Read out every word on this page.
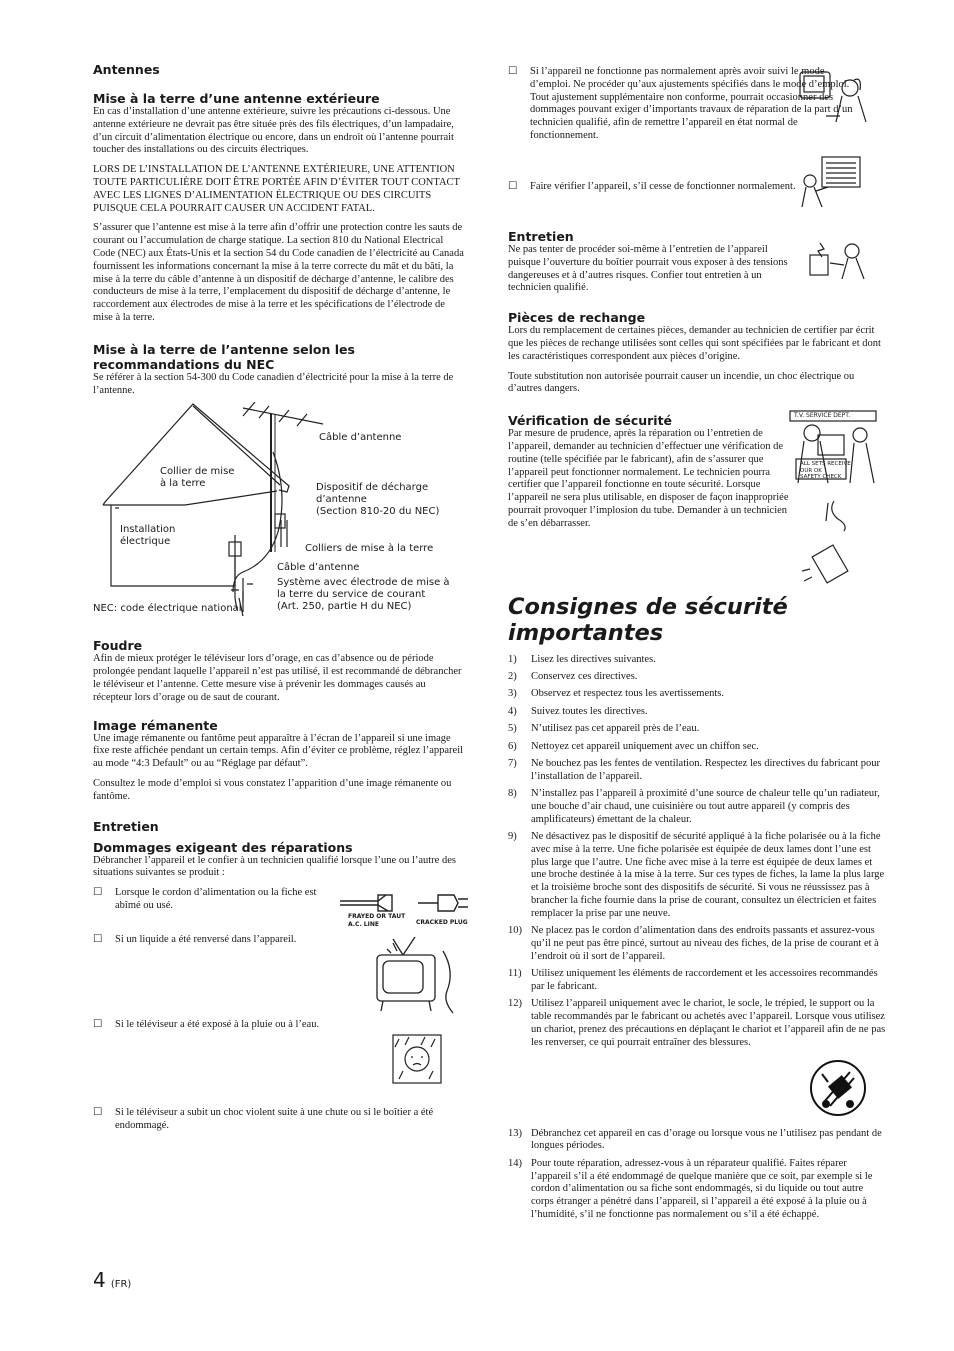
Antennes
Mise à la terre d’une antenne extérieure

En cas d’installation d’une antenne extérieure, suivre les précautions ci-dessous. Une antenne extérieure ne devrait pas être située près des fils électriques, d’un lampadaire, d’un circuit d’alimentation électrique ou encore, dans un endroit où l’antenne pourrait toucher des installations ou des circuits électriques.

LORS DE L’INSTALLATION DE L’ANTENNE EXTÉRIEURE, UNE ATTENTION TOUTE PARTICULIÈRE DOIT ÊTRE PORTÉE AFIN D’ÉVITER TOUT CONTACT AVEC LES LIGNES D’ALIMENTATION ÉLECTRIQUE OU DES CIRCUITS PUISQUE CELA POURRAIT CAUSER UN ACCIDENT FATAL.

S’assurer que l’antenne est mise à la terre afin d’offrir une protection contre les sauts de courant ou l’accumulation de charge statique. La section 810 du National Electrical Code (NEC) aux États-Unis et la section 54 du Code canadien de l’électricité au Canada fournissent les informations concernant la mise à la terre correcte du mât et du bâti, la mise à la terre du câble d’antenne à un dispositif de décharge d’antenne, le calibre des conducteurs de mise à la terre, l’emplacement du dispositif de décharge d’antenne, le raccordement aux électrodes de mise à la terre et les spécifications de l’électrode de mise à la terre.

Mise à la terre de l’antenne selon les recommandations du NEC

Se référer à la section 54-300 du Code canadien d’électricité pour la mise à la terre de l’antenne.

Câble d’antenne
Collier de mise
à la terre	Dispositif de décharge
d’antenne
(Section 810-20 du NEC)
Installation
électrique
Colliers de mise à la terre
Câble d’antenne
Système avec électrode de mise à
la terre du service de courant
(Art. 250, partie H du NEC)
NEC: code électrique national
Foudre

Afin de mieux protéger le téléviseur lors d’orage, en cas d’absence ou de période prolongée pendant laquelle l’appareil n’est pas utilisé, il est recommandé de débrancher le téléviseur et l’antenne. Cette mesure vise à prévenir les dommages causés au récepteur lors d’orage ou de saut de courant.

Image rémanente

Une image rémanente ou fantôme peut apparaître à l’écran de l’appareil si une image fixe reste affichée pendant un certain temps. Afin d’éviter ce problème, réglez l’appareil au mode “4:3 Default” ou au “Réglage par défaut”.

Consultez le mode d’emploi si vous constatez l’apparition d’une image rémanente ou fantôme.

Entretien
Dommages exigeant des réparations

Débrancher l’appareil et le confier à un technicien qualifié lorsque l’une ou l’autre des situations suivantes se produit :

☐ Lorsque le cordon d’alimentation ou la fiche est abîmé ou usé.
FRAYED OR TAUT
A.C. LINE	CRACKED PLUG
☐ Si un liquide a été renversé dans l’appareil.
☐ Si le téléviseur a été exposé à la pluie ou à l’eau.
☐ Si le téléviseur a subit un choc violent suite à une chute ou si le boîtier a été endommagé.
☐ Si l’appareil ne fonctionne pas normalement après avoir suivi le mode d’emploi. Ne procéder qu’aux ajustements spécifiés dans le mode d’emploi. Tout ajustement supplémentaire non conforme, pourrait occasionner des dommages pouvant exiger d’importants travaux de réparation de la part d’un technicien qualifié, afin de remettre l’appareil en état normal de fonctionnement.
☐ Faire vérifier l’appareil, s’il cesse de fonctionner normalement.
Entretien

Ne pas tenter de procéder soi-même à l’entretien de l’appareil puisque l’ouverture du boîtier pourrait vous exposer à des tensions dangereuses et à d’autres risques. Confier tout entretien à un technicien qualifié.

Pièces de rechange

Lors du remplacement de certaines pièces, demander au technicien de certifier par écrit que les pièces de rechange utilisées sont celles qui sont spécifiées par le fabricant et dont les caractéristiques correspondent aux pièces d’origine.

Toute substitution non autorisée pourrait causer un incendie, un choc électrique ou d’autres dangers.

Vérification de sécurité

Par mesure de prudence, après la réparation ou l’entretien de l’appareil, demander au technicien d’effectuer une vérification de routine (telle spécifiée par le fabricant), afin de s’assurer que l’appareil peut fonctionner normalement. Le technicien pourra certifier que l’appareil fonctionne en toute sécurité. Lorsque l’appareil ne sera plus utilisable, en disposer de façon inappropriée pourrait provoquer l’implosion du tube. Demander à un technicien de s’en débarrasser.

T.V. SERVICE DEPT.
ALL SETS RECEIVE
OUR OK
SAFETY CHECK
Consignes de sécurité importantes
1) Lisez les directives suivantes.
2) Conservez ces directives.
3) Observez et respectez tous les avertissements.
4) Suivez toutes les directives.
5) N’utilisez pas cet appareil près de l’eau.
6) Nettoyez cet appareil uniquement avec un chiffon sec.
7) Ne bouchez pas les fentes de ventilation. Respectez les directives du fabricant pour l’installation de l’appareil.
8) N’installez pas l’appareil à proximité d’une source de chaleur telle qu’un radiateur, une bouche d’air chaud, une cuisinière ou tout autre appareil (y compris des amplificateurs) émettant de la chaleur.
9) Ne désactivez pas le dispositif de sécurité appliqué à la fiche polarisée ou à la fiche avec mise à la terre. Une fiche polarisée est équipée de deux lames dont l’une est plus large que l’autre. Une fiche avec mise à la terre est équipée de deux lames et une broche destinée à la mise à la terre. Sur ces types de fiches, la lame la plus large et la troisième broche sont des dispositifs de sécurité. Si vous ne réussissez pas à brancher la fiche fournie dans la prise de courant, consultez un électricien et faites remplacer la prise par une neuve.
10) Ne placez pas le cordon d’alimentation dans des endroits passants et assurez-vous qu’il ne peut pas être pincé, surtout au niveau des fiches, de la prise de courant et à l’endroit où il sort de l’appareil.
11) Utilisez uniquement les éléments de raccordement et les accessoires recommandés par le fabricant.
12) Utilisez l’appareil uniquement avec le chariot, le socle, le trépied, le support ou la table recommandés par le fabricant ou achetés avec l’appareil. Lorsque vous utilisez un chariot, prenez des précautions en déplaçant le chariot et l’appareil afin de ne pas les renverser, ce qui pourrait entraîner des blessures.
13) Débranchez cet appareil en cas d’orage ou lorsque vous ne l’utilisez pas pendant de longues périodes.
14) Pour toute réparation, adressez-vous à un réparateur qualifié. Faites réparer l’appareil s’il a été endommagé de quelque manière que ce soit, par exemple si le cordon d’alimentation ou sa fiche sont endommagés, si du liquide ou tout autre corps étranger a pénétré dans l’appareil, si l’appareil a été exposé à la pluie ou à l’humidité, s’il ne fonctionne pas normalement ou s’il a été échappé.
4 (FR)
